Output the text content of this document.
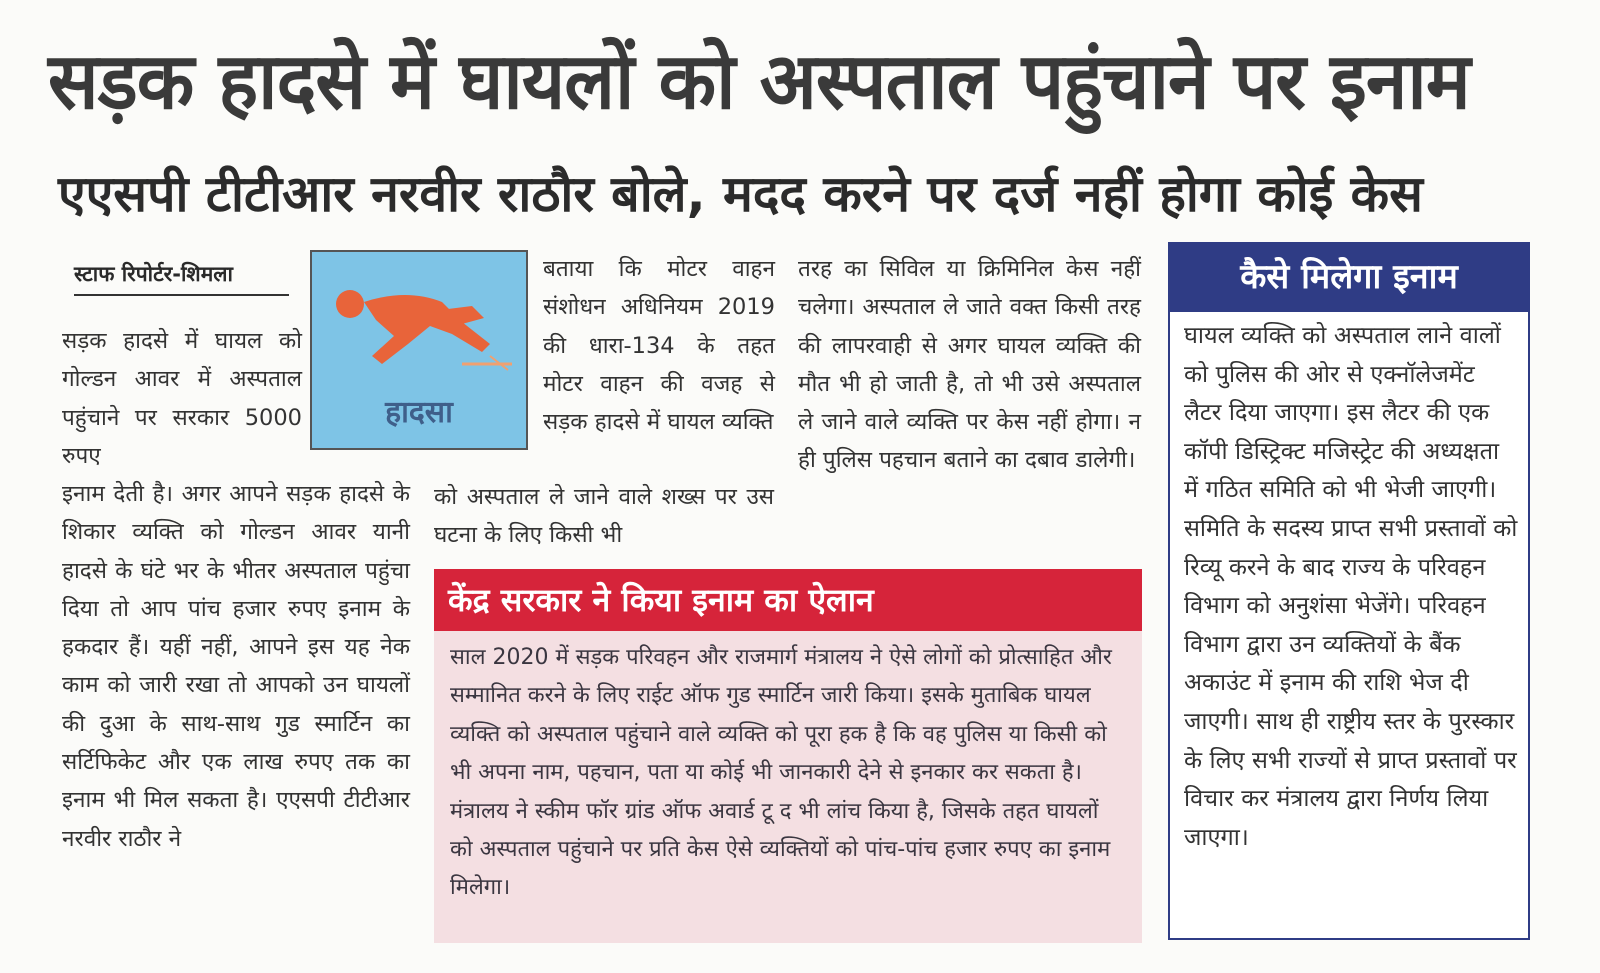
सड़क हादसे में घायलों को अस्पताल पहुंचाने पर इनाम
एएसपी टीटीआर नरवीर राठौर बोले, मदद करने पर दर्ज नहीं होगा कोई केस
स्टाफ रिपोर्टर-शिमला
हादसा

सड़क हादसे में घायल को गोल्डन आवर में अस्पताल पहुंचाने पर सरकार 5000 रुपए

इनाम देती है। अगर आपने सड़क हादसे के शिकार व्यक्ति को गोल्डन आवर यानी हादसे के घंटे भर के भीतर अस्पताल पहुंचा दिया तो आप पांच हजार रुपए इनाम के हकदार हैं। यहीं नहीं, आपने इस यह नेक काम को जारी रखा तो आपको उन घायलों की दुआ के साथ-साथ गुड स्मार्टिन का सर्टिफिकेट और एक लाख रुपए तक का इनाम भी मिल सकता है। एएसपी टीटीआर नरवीर राठौर ने

बताया कि मोटर वाहन संशोधन अधिनियम 2019 की धारा-134 के तहत मोटर वाहन की वजह से सड़क हादसे में घायल व्यक्ति

को अस्पताल ले जाने वाले शख्स पर उस घटना के लिए किसी भी

तरह का सिविल या क्रिमिनिल केस नहीं चलेगा। अस्पताल ले जाते वक्त किसी तरह की लापरवाही से अगर घायल व्यक्ति की मौत भी हो जाती है, तो भी उसे अस्पताल ले जाने वाले व्यक्ति पर केस नहीं होगा। न ही पुलिस पहचान बताने का दबाव डालेगी।

केंद्र सरकार ने किया इनाम का ऐलान
साल 2020 में सड़क परिवहन और राजमार्ग मंत्रालय ने ऐसे लोगों को प्रोत्साहित और सम्मानित करने के लिए राईट ऑफ गुड स्मार्टिन जारी किया। इसके मुताबिक घायल व्यक्ति को अस्पताल पहुंचाने वाले व्यक्ति को पूरा हक है कि वह पुलिस या किसी को भी अपना नाम, पहचान, पता या कोई भी जानकारी देने से इनकार कर सकता है। मंत्रालय ने स्कीम फॉर ग्रांड ऑफ अवार्ड टू द भी लांच किया है, जिसके तहत घायलों को अस्पताल पहुंचाने पर प्रति केस ऐसे व्यक्तियों को पांच-पांच हजार रुपए का इनाम मिलेगा।
कैसे मिलेगा इनाम
घायल व्यक्ति को अस्पताल लाने वालों को पुलिस की ओर से एक्नॉलेजमेंट लैटर दिया जाएगा। इस लैटर की एक कॉपी डिस्ट्रिक्ट मजिस्ट्रेट की अध्यक्षता में गठित समिति को भी भेजी जाएगी। समिति के सदस्य प्राप्त सभी प्रस्तावों को रिव्यू करने के बाद राज्य के परिवहन विभाग को अनुशंसा भेजेंगे। परिवहन विभाग द्वारा उन व्यक्तियों के बैंक अकाउंट में इनाम की राशि भेज दी जाएगी। साथ ही राष्ट्रीय स्तर के पुरस्कार के लिए सभी राज्यों से प्राप्त प्रस्तावों पर विचार कर मंत्रालय द्वारा निर्णय लिया जाएगा।
